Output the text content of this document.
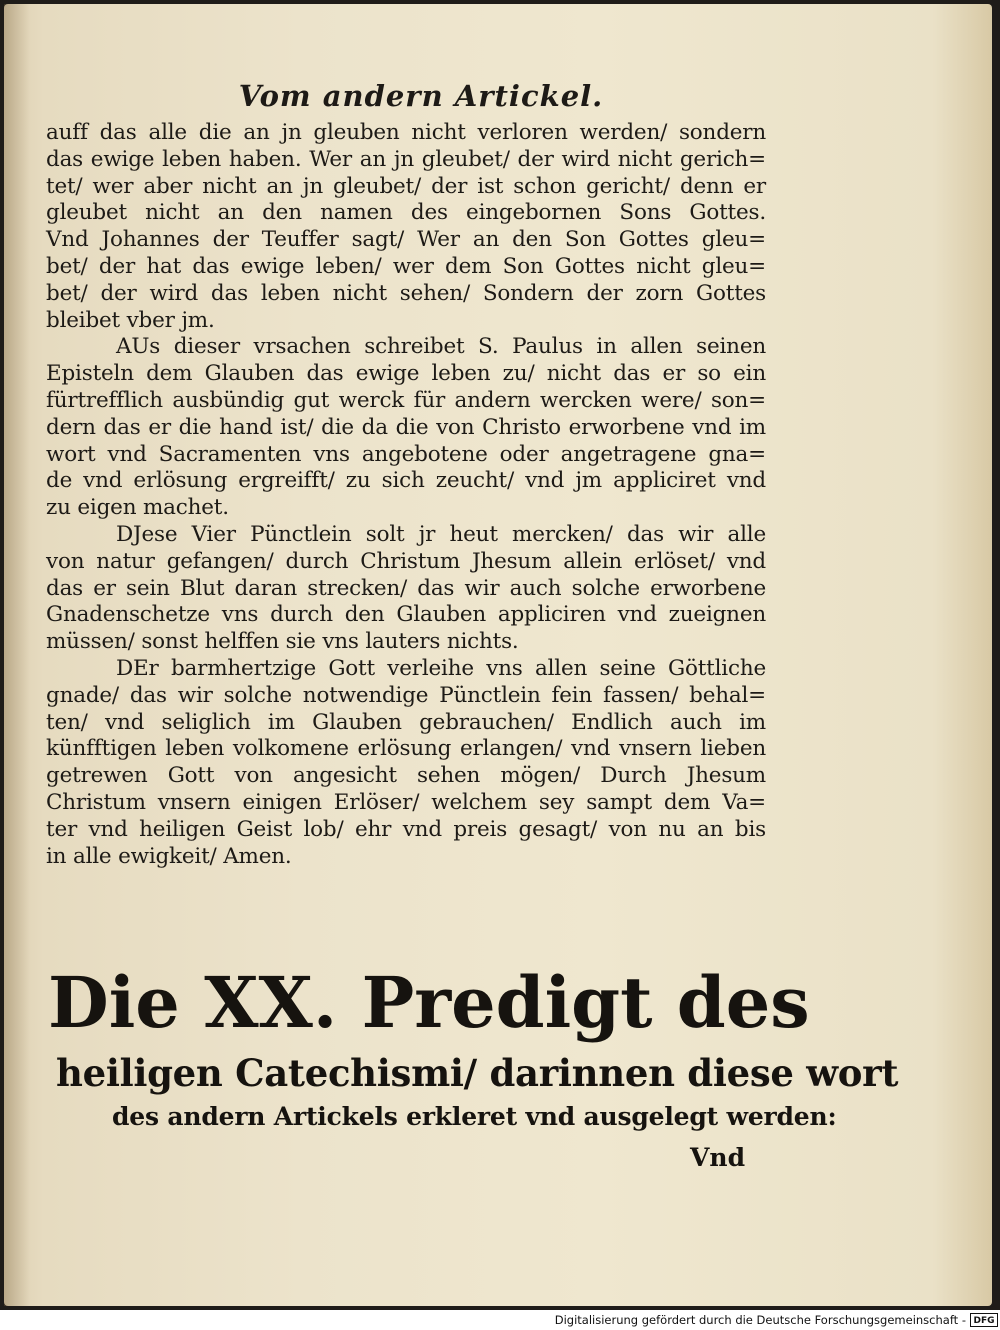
Vom andern Artickel.
auff das alle die an jn gleuben nicht verloren werden/ sondern
das ewige leben haben. Wer an jn gleubet/ der wird nicht gerich=
tet/ wer aber nicht an jn gleubet/ der ist schon gericht/ denn er
gleubet nicht an den namen des eingebornen Sons Gottes.
Vnd Johannes der Teuffer sagt/ Wer an den Son Gottes gleu=
bet/ der hat das ewige leben/ wer dem Son Gottes nicht gleu=
bet/ der wird das leben nicht sehen/ Sondern der zorn Gottes
bleibet vber jm.
AUs dieser vrsachen schreibet S. Paulus in allen seinen
Episteln dem Glauben das ewige leben zu/ nicht das er so ein
fürtrefflich ausbündig gut werck für andern wercken were/ son=
dern das er die hand ist/ die da die von Christo erworbene vnd im
wort vnd Sacramenten vns angebotene oder angetragene gna=
de vnd erlösung ergreifft/ zu sich zeucht/ vnd jm appliciret vnd
zu eigen machet.
DJese Vier Pünctlein solt jr heut mercken/ das wir alle
von natur gefangen/ durch Christum Jhesum allein erlöset/ vnd
das er sein Blut daran strecken/ das wir auch solche erworbene
Gnadenschetze vns durch den Glauben appliciren vnd zueignen
müssen/ sonst helffen sie vns lauters nichts.
DEr barmhertzige Gott verleihe vns allen seine Göttliche
gnade/ das wir solche notwendige Pünctlein fein fassen/ behal=
ten/ vnd seliglich im Glauben gebrauchen/ Endlich auch im
künfftigen leben volkomene erlösung erlangen/ vnd vnsern lieben
getrewen Gott von angesicht sehen mögen/ Durch Jhesum
Christum vnsern einigen Erlöser/ welchem sey sampt dem Va=
ter vnd heiligen Geist lob/ ehr vnd preis gesagt/ von nu an bis
in alle ewigkeit/ Amen.
Die XX. Predigt des
heiligen Catechismi/ darinnen diese wort
des andern Artickels erkleret vnd ausgelegt werden:
Vnd
Digitalisierung gefördert durch die Deutsche Forschungsgemeinschaft - DFG
